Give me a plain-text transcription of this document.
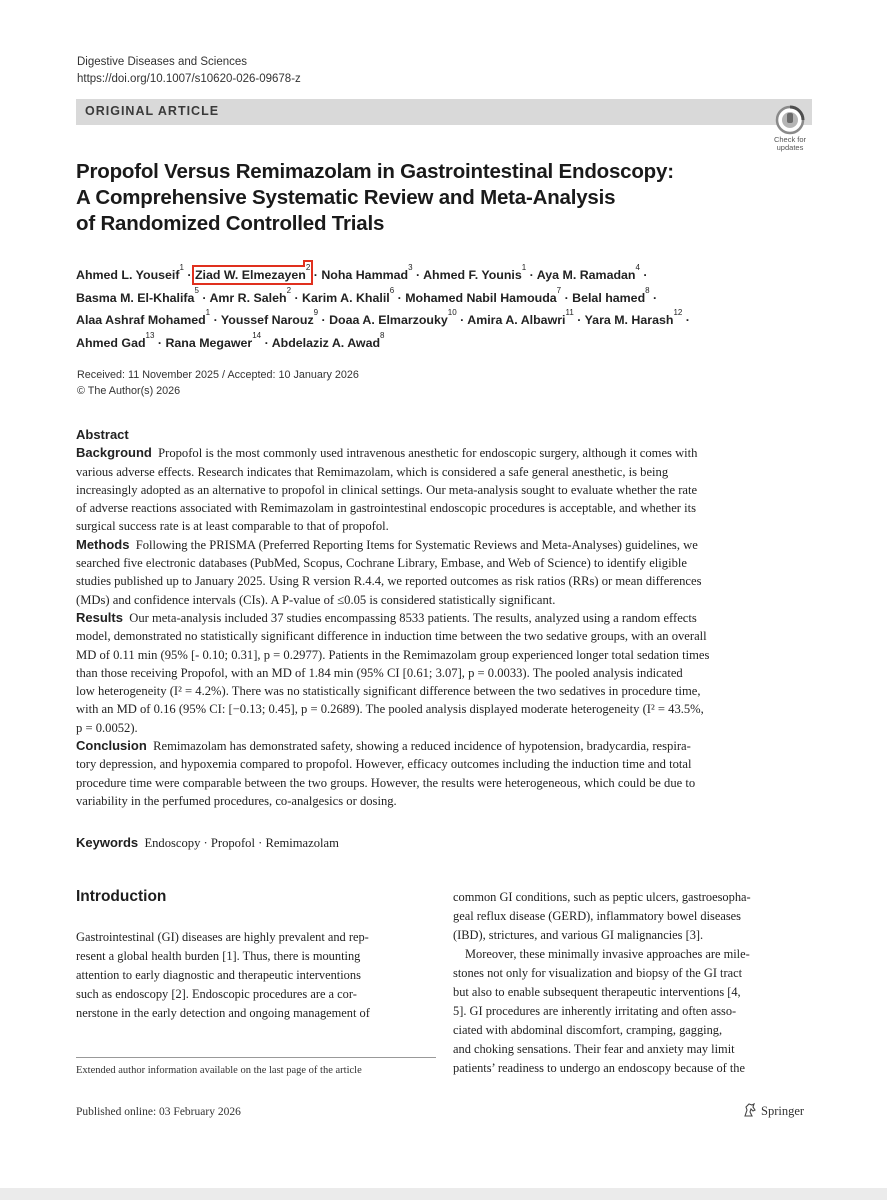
Digestive Diseases and Sciences
https://doi.org/10.1007/s10620-026-09678-z
ORIGINAL ARTICLE
Check for
updates
Propofol Versus Remimazolam in Gastrointestinal Endoscopy:
A Comprehensive Systematic Review and Meta-Analysis
of Randomized Controlled Trials
Ahmed L. Youseif$^1$ · Ziad W. Elmezayen$^2$ · Noha Hammad$^3$ · Ahmed F. Younis$^1$ · Aya M. Ramadan$^4$ ·
Basma M. El-Khalifa$^5$ · Amr R. Saleh$^2$ · Karim A. Khalil$^6$ · Mohamed Nabil Hamouda$^7$ · Belal hamed$^8$ ·
Alaa Ashraf Mohamed$^1$ · Youssef Narouz$^9$ · Doaa A. Elmarzouky$^{10}$ · Amira A. Albawri$^{11}$ · Yara M. Harash$^{12}$ ·
Ahmed Gad$^{13}$ · Rana Megawer$^{14}$ · Abdelaziz A. Awad$^8$
Received: 11 November 2025 / Accepted: 10 January 2026
© The Author(s) 2026
Abstract
Background Propofol is the most commonly used intravenous anesthetic for endoscopic surgery, although it comes with
various adverse effects. Research indicates that Remimazolam, which is considered a safe general anesthetic, is being
increasingly adopted as an alternative to propofol in clinical settings. Our meta-analysis sought to evaluate whether the rate
of adverse reactions associated with Remimazolam in gastrointestinal endoscopic procedures is acceptable, and whether its
surgical success rate is at least comparable to that of propofol.
Methods Following the PRISMA (Preferred Reporting Items for Systematic Reviews and Meta-Analyses) guidelines, we
searched five electronic databases (PubMed, Scopus, Cochrane Library, Embase, and Web of Science) to identify eligible
studies published up to January 2025. Using R version R.4.4, we reported outcomes as risk ratios (RRs) or mean differences
(MDs) and confidence intervals (CIs). A P-value of ≤0.05 is considered statistically significant.
Results Our meta-analysis included 37 studies encompassing 8533 patients. The results, analyzed using a random effects
model, demonstrated no statistically significant difference in induction time between the two sedative groups, with an overall
MD of 0.11 min (95% [- 0.10; 0.31], p = 0.2977). Patients in the Remimazolam group experienced longer total sedation times
than those receiving Propofol, with an MD of 1.84 min (95% CI [0.61; 3.07], p = 0.0033). The pooled analysis indicated
low heterogeneity (I² = 4.2%). There was no statistically significant difference between the two sedatives in procedure time,
with an MD of 0.16 (95% CI: [−0.13; 0.45], p = 0.2689). The pooled analysis displayed moderate heterogeneity (I² = 43.5%,
p = 0.0052).
Conclusion Remimazolam has demonstrated safety, showing a reduced incidence of hypotension, bradycardia, respira-
tory depression, and hypoxemia compared to propofol. However, efficacy outcomes including the induction time and total
procedure time were comparable between the two groups. However, the results were heterogeneous, which could be due to
variability in the perfumed procedures, co-analgesics or dosing.
Keywords Endoscopy · Propofol · Remimazolam
Introduction
Gastrointestinal (GI) diseases are highly prevalent and rep-
resent a global health burden [1]. Thus, there is mounting
attention to early diagnostic and therapeutic interventions
such as endoscopy [2]. Endoscopic procedures are a cor-
nerstone in the early detection and ongoing management of
common GI conditions, such as peptic ulcers, gastroesopha-
geal reflux disease (GERD), inflammatory bowel diseases
(IBD), strictures, and various GI malignancies [3].
Moreover, these minimally invasive approaches are mile-
stones not only for visualization and biopsy of the GI tract
but also to enable subsequent therapeutic interventions [4,
5]. GI procedures are inherently irritating and often asso-
ciated with abdominal discomfort, cramping, gagging,
and choking sensations. Their fear and anxiety may limit
patients’ readiness to undergo an endoscopy because of the
Extended author information available on the last page of the article
Published online: 03 February 2026	Springer
